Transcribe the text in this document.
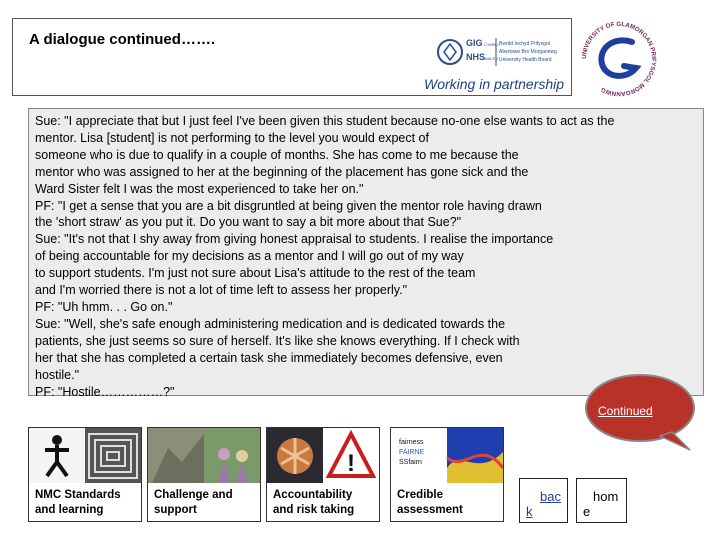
A dialogue continued…….	GIG CYMRU
NHS
WALES
Bwrdd Iechyd Prifysgol
Abertawe Bro Morgannwg
University Health Board
Working in partnership
UNIVERSITY OF GLAMORGAN PRIFYSGOL MORGANNWG

Sue: "I appreciate that but I just feel I've been given this student because no-one else wants to act as the

mentor. Lisa [student] is not performing to the level you would expect of

someone who is due to qualify in a couple of months. She has come to me because the

mentor who was assigned to her at the beginning of the placement has gone sick and the

Ward Sister felt I was the most experienced to take her on."

PF: "I get a sense that you are a bit disgruntled at being given the mentor role having drawn

the 'short straw' as you put it. Do you want to say a bit more about that Sue?"

Sue: "It's not that I shy away from giving honest appraisal to students. I realise the importance

of being accountable for my decisions as a mentor and I will go out of my way

to support students. I'm just not sure about Lisa's attitude to the rest of the team

and I'm worried there is not a lot of time left to assess her properly."

PF: "Uh hmm. . . Go on."

Sue: "Well, she's safe enough administering medication and is dedicated towards the

patients, she just seems so sure of herself. It's like she knows everything. If I check with

her that she has completed a certain task she immediately becomes defensive, even

hostile."

PF: "Hostile……………?"

Continued
NMC Standards
and learning
Challenge and
support
!
Accountability
and risk taking
fairness
FAIRNE
SSfairn
Credible
assessment
bac
k
hom
e
